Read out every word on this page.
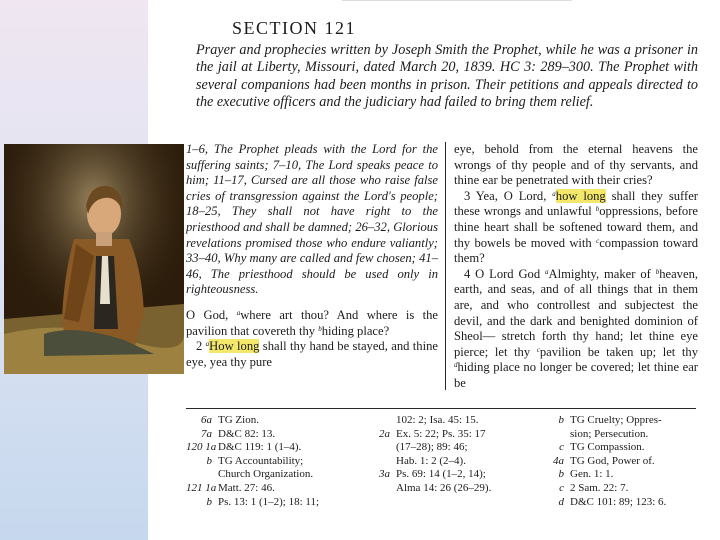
SECTION 121

Prayer and prophecies written by Joseph Smith the Prophet, while he was a prisoner in the jail at Liberty, Missouri, dated March 20, 1839. HC 3: 289–300. The Prophet with several companions had been months in prison. Their petitions and appeals directed to the executive officers and the judiciary had failed to bring them relief.

1–6, The Prophet pleads with the Lord for the suffering saints; 7–10, The Lord speaks peace to him; 11–17, Cursed are all those who raise false cries of transgression against the Lord's people; 18–25, They shall not have right to the priesthood and shall be damned; 26–32, Glorious revelations promised those who endure valiantly; 33–40, Why many are called and few chosen; 41–46, The priesthood should be used only in righteousness.

O God, $^a$where art thou? And where is the pavilion that covereth thy $^b$hiding place?

2 $^a$How long shall thy hand be stayed, and thine eye, yea thy pure

eye, behold from the eternal heavens the wrongs of thy people and of thy servants, and thine ear be penetrated with their cries?

3 Yea, O Lord, $^a$how long shall they suffer these wrongs and unlawful $^b$oppressions, before thine heart shall be softened toward them, and thy bowels be moved with $^c$compassion toward them?

4 O Lord God $^a$Almighty, maker of $^b$heaven, earth, and seas, and of all things that in them are, and who controllest and subjectest the devil, and the dark and benighted dominion of Sheol— stretch forth thy hand; let thine eye pierce; let thy $^c$pavilion be taken up; let thy $^d$hiding place no longer be covered; let thine ear be

6a TG Zion.
7a D&C 82: 13.
120 1a D&C 119: 1 (1–4).
b TG Accountability;
Church Organization.
121 1a Matt. 27: 46.
b Ps. 13: 1 (1–2); 18: 11;
102: 2; Isa. 45: 15.
2a Ex. 5: 22; Ps. 35: 17
(17–28); 89: 46;
Hab. 1: 2 (2–4).
3a Ps. 69: 14 (1–2, 14);
Alma 14: 26 (26–29).
b TG Cruelty; Oppres-
sion; Persecution.
c TG Compassion.
4a TG God, Power of.
b Gen. 1: 1.
c 2 Sam. 22: 7.
d D&C 101: 89; 123: 6.
